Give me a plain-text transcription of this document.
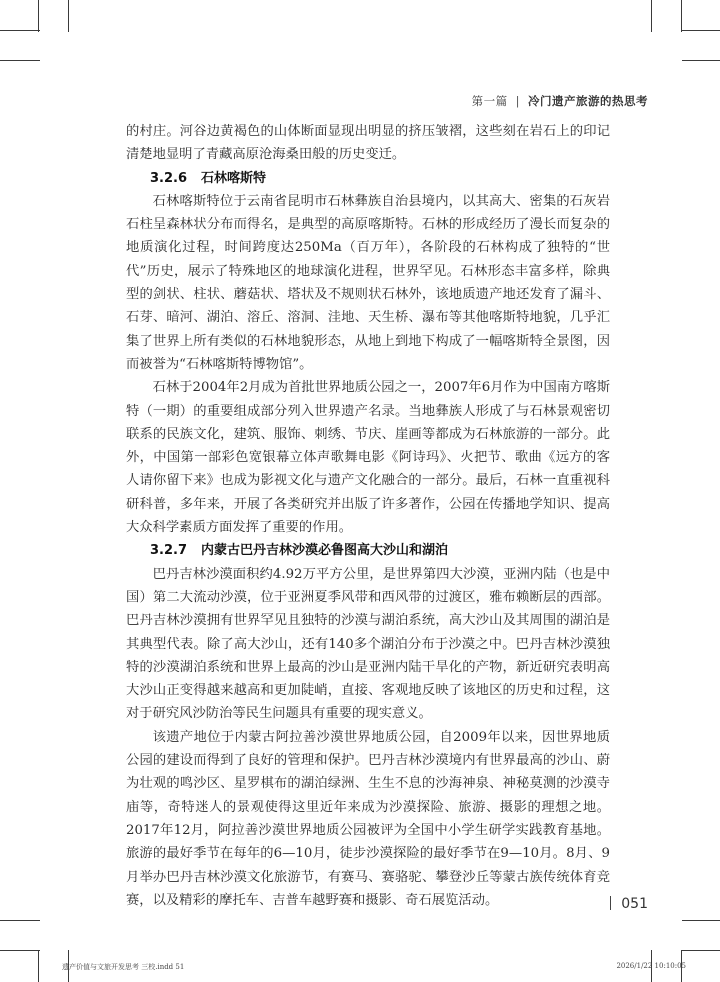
第一篇 | 冷门遗产旅游的热思考

的村庄。河谷边黄褐色的山体断面显现出明显的挤压皱褶，这些刻在岩石上的印记清楚地显明了青藏高原沧海桑田般的历史变迁。

3.2.6 石林喀斯特

石林喀斯特位于云南省昆明市石林彝族自治县境内，以其高大、密集的石灰岩石柱呈森林状分布而得名，是典型的高原喀斯特。石林的形成经历了漫长而复杂的地质演化过程，时间跨度达250Ma（百万年），各阶段的石林构成了独特的“世代”历史，展示了特殊地区的地球演化进程，世界罕见。石林形态丰富多样，除典型的剑状、柱状、蘑菇状、塔状及不规则状石林外，该地质遗产地还发育了漏斗、石芽、暗河、湖泊、溶丘、溶洞、洼地、天生桥、瀑布等其他喀斯特地貌，几乎汇集了世界上所有类似的石林地貌形态，从地上到地下构成了一幅喀斯特全景图，因而被誉为“石林喀斯特博物馆”。

石林于2004年2月成为首批世界地质公园之一，2007年6月作为中国南方喀斯特（一期）的重要组成部分列入世界遗产名录。当地彝族人形成了与石林景观密切联系的民族文化，建筑、服饰、刺绣、节庆、崖画等都成为石林旅游的一部分。此外，中国第一部彩色宽银幕立体声歌舞电影《阿诗玛》、火把节、歌曲《远方的客人请你留下来》也成为影视文化与遗产文化融合的一部分。最后，石林一直重视科研科普，多年来，开展了各类研究并出版了许多著作，公园在传播地学知识、提高大众科学素质方面发挥了重要的作用。

3.2.7 内蒙古巴丹吉林沙漠必鲁图高大沙山和湖泊

巴丹吉林沙漠面积约4.92万平方公里，是世界第四大沙漠，亚洲内陆（也是中国）第二大流动沙漠，位于亚洲夏季风带和西风带的过渡区，雅布赖断层的西部。巴丹吉林沙漠拥有世界罕见且独特的沙漠与湖泊系统，高大沙山及其周围的湖泊是其典型代表。除了高大沙山，还有140多个湖泊分布于沙漠之中。巴丹吉林沙漠独特的沙漠湖泊系统和世界上最高的沙山是亚洲内陆干旱化的产物，新近研究表明高大沙山正变得越来越高和更加陡峭，直接、客观地反映了该地区的历史和过程，这对于研究风沙防治等民生问题具有重要的现实意义。

该遗产地位于内蒙古阿拉善沙漠世界地质公园，自2009年以来，因世界地质公园的建设而得到了良好的管理和保护。巴丹吉林沙漠境内有世界最高的沙山、蔚为壮观的鸣沙区、星罗棋布的湖泊绿洲、生生不息的沙海神泉、神秘莫测的沙漠寺庙等，奇特迷人的景观使得这里近年来成为沙漠探险、旅游、摄影的理想之地。2017年12月，阿拉善沙漠世界地质公园被评为全国中小学生研学实践教育基地。旅游的最好季节在每年的6—10月，徒步沙漠探险的最好季节在9—10月。8月、9月举办巴丹吉林沙漠文化旅游节，有赛马、赛骆驼、攀登沙丘等蒙古族传统体育竞赛，以及精彩的摩托车、吉普车越野赛和摄影、奇石展览活动。	051
遗产价值与文旅开发思考 三校.indd 51	2026/1/22 10:10:05
